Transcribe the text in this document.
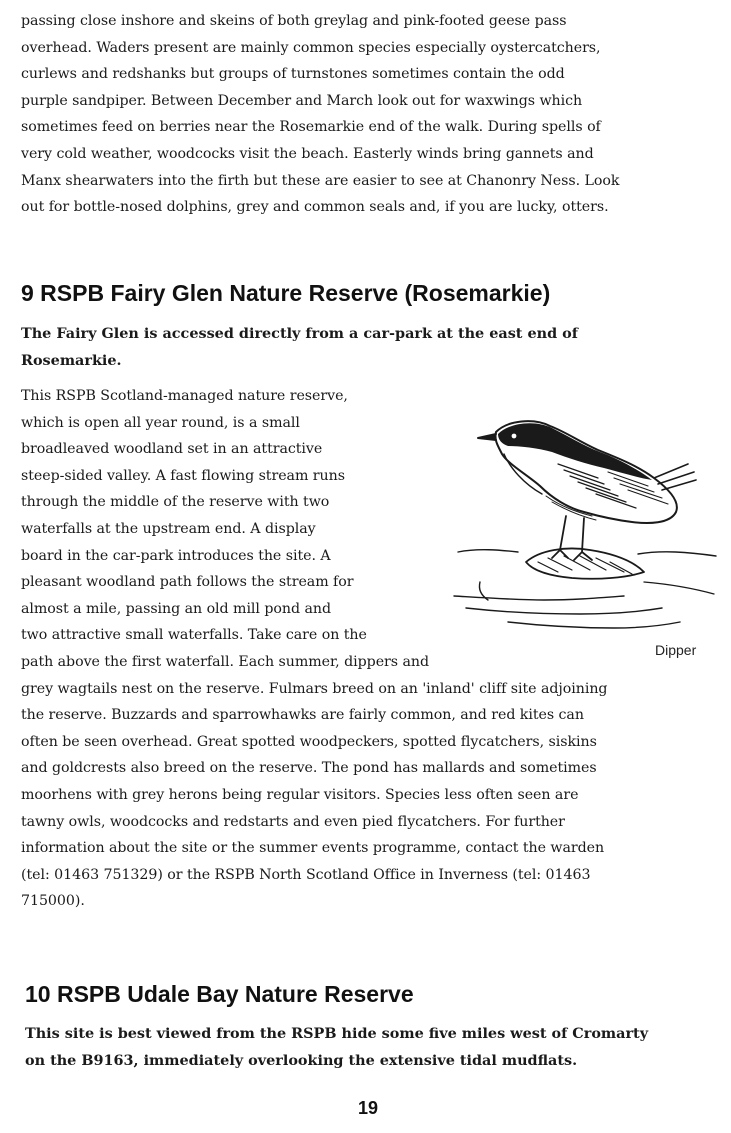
passing close inshore and skeins of both greylag and pink-footed geese pass
overhead. Waders present are mainly common species especially oystercatchers,
curlews and redshanks but groups of turnstones sometimes contain the odd
purple sandpiper. Between December and March look out for waxwings which
sometimes feed on berries near the Rosemarkie end of the walk. During spells of
very cold weather, woodcocks visit the beach. Easterly winds bring gannets and
Manx shearwaters into the firth but these are easier to see at Chanonry Ness. Look
out for bottle-nosed dolphins, grey and common seals and, if you are lucky, otters.
9 RSPB Fairy Glen Nature Reserve (Rosemarkie)
The Fairy Glen is accessed directly from a car-park at the east end of
Rosemarkie.
This RSPB Scotland-managed nature reserve,
which is open all year round, is a small
broadleaved woodland set in an attractive
steep-sided valley. A fast flowing stream runs
through the middle of the reserve with two
waterfalls at the upstream end. A display
board in the car-park introduces the site. A
pleasant woodland path follows the stream for
almost a mile, passing an old mill pond and
two attractive small waterfalls. Take care on the
path above the first waterfall. Each summer, dippers and
grey wagtails nest on the reserve. Fulmars breed on an 'inland' cliff site adjoining
the reserve. Buzzards and sparrowhawks are fairly common, and red kites can
often be seen overhead. Great spotted woodpeckers, spotted flycatchers, siskins
and goldcrests also breed on the reserve. The pond has mallards and sometimes
moorhens with grey herons being regular visitors. Species less often seen are
tawny owls, woodcocks and redstarts and even pied flycatchers. For further
information about the site or the summer events programme, contact the warden
(tel: 01463 751329) or the RSPB North Scotland Office in Inverness (tel: 01463
715000).
Dipper
10 RSPB Udale Bay Nature Reserve
This site is best viewed from the RSPB hide some five miles west of Cromarty
on the B9163, immediately overlooking the extensive tidal mudflats.
19
